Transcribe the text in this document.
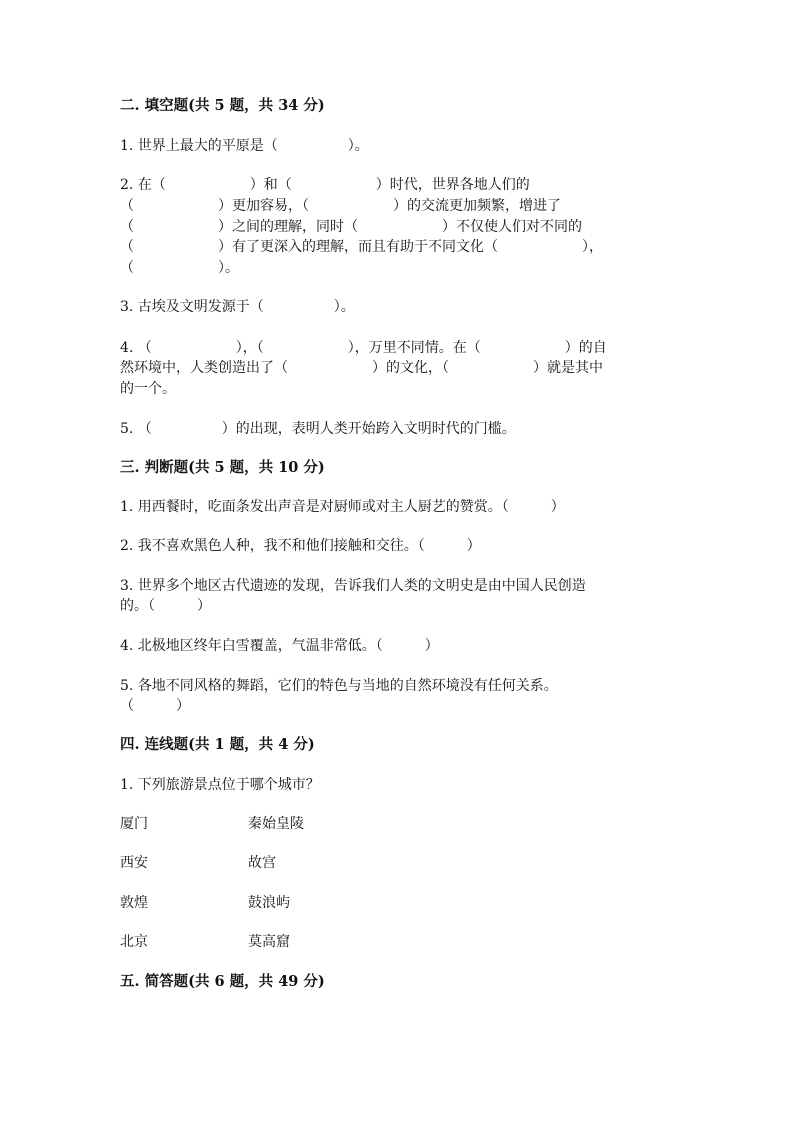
二. 填空题(共 5 题，共 34 分)
1. 世界上最大的平原是（　　　　　）。
2. 在（　　　　　　）和（　　　　　　）时代，世界各地人们的
（　　　　　　）更加容易，（　　　　　　）的交流更加频繁，增进了
（　　　　　　）之间的理解，同时（　　　　　　）不仅使人们对不同的
（　　　　　　）有了更深入的理解，而且有助于不同文化（　　　　　　），
（　　　　　　）。
3. 古埃及文明发源于（　　　　　）。
4. （　　　　　　），（　　　　　　），万里不同情。在（　　　　　　）的自
然环境中，人类创造出了（　　　　　　）的文化，（　　　　　　）就是其中
的一个。
5. （　　　　　）的出现，表明人类开始跨入文明时代的门槛。
三. 判断题(共 5 题，共 10 分)
1. 用西餐时，吃面条发出声音是对厨师或对主人厨艺的赞赏。（　　　）
2. 我不喜欢黑色人种，我不和他们接触和交往。（　　　）
3. 世界多个地区古代遗迹的发现，告诉我们人类的文明史是由中国人民创造
的。（　　　）
4. 北极地区终年白雪覆盖，气温非常低。（　　　）
5. 各地不同风格的舞蹈，它们的特色与当地的自然环境没有任何关系。
（　　　）
四. 连线题(共 1 题，共 4 分)
1. 下列旅游景点位于哪个城市？
厦门	秦始皇陵
西安	故宫
敦煌	鼓浪屿
北京	莫高窟
五. 简答题(共 6 题，共 49 分)
